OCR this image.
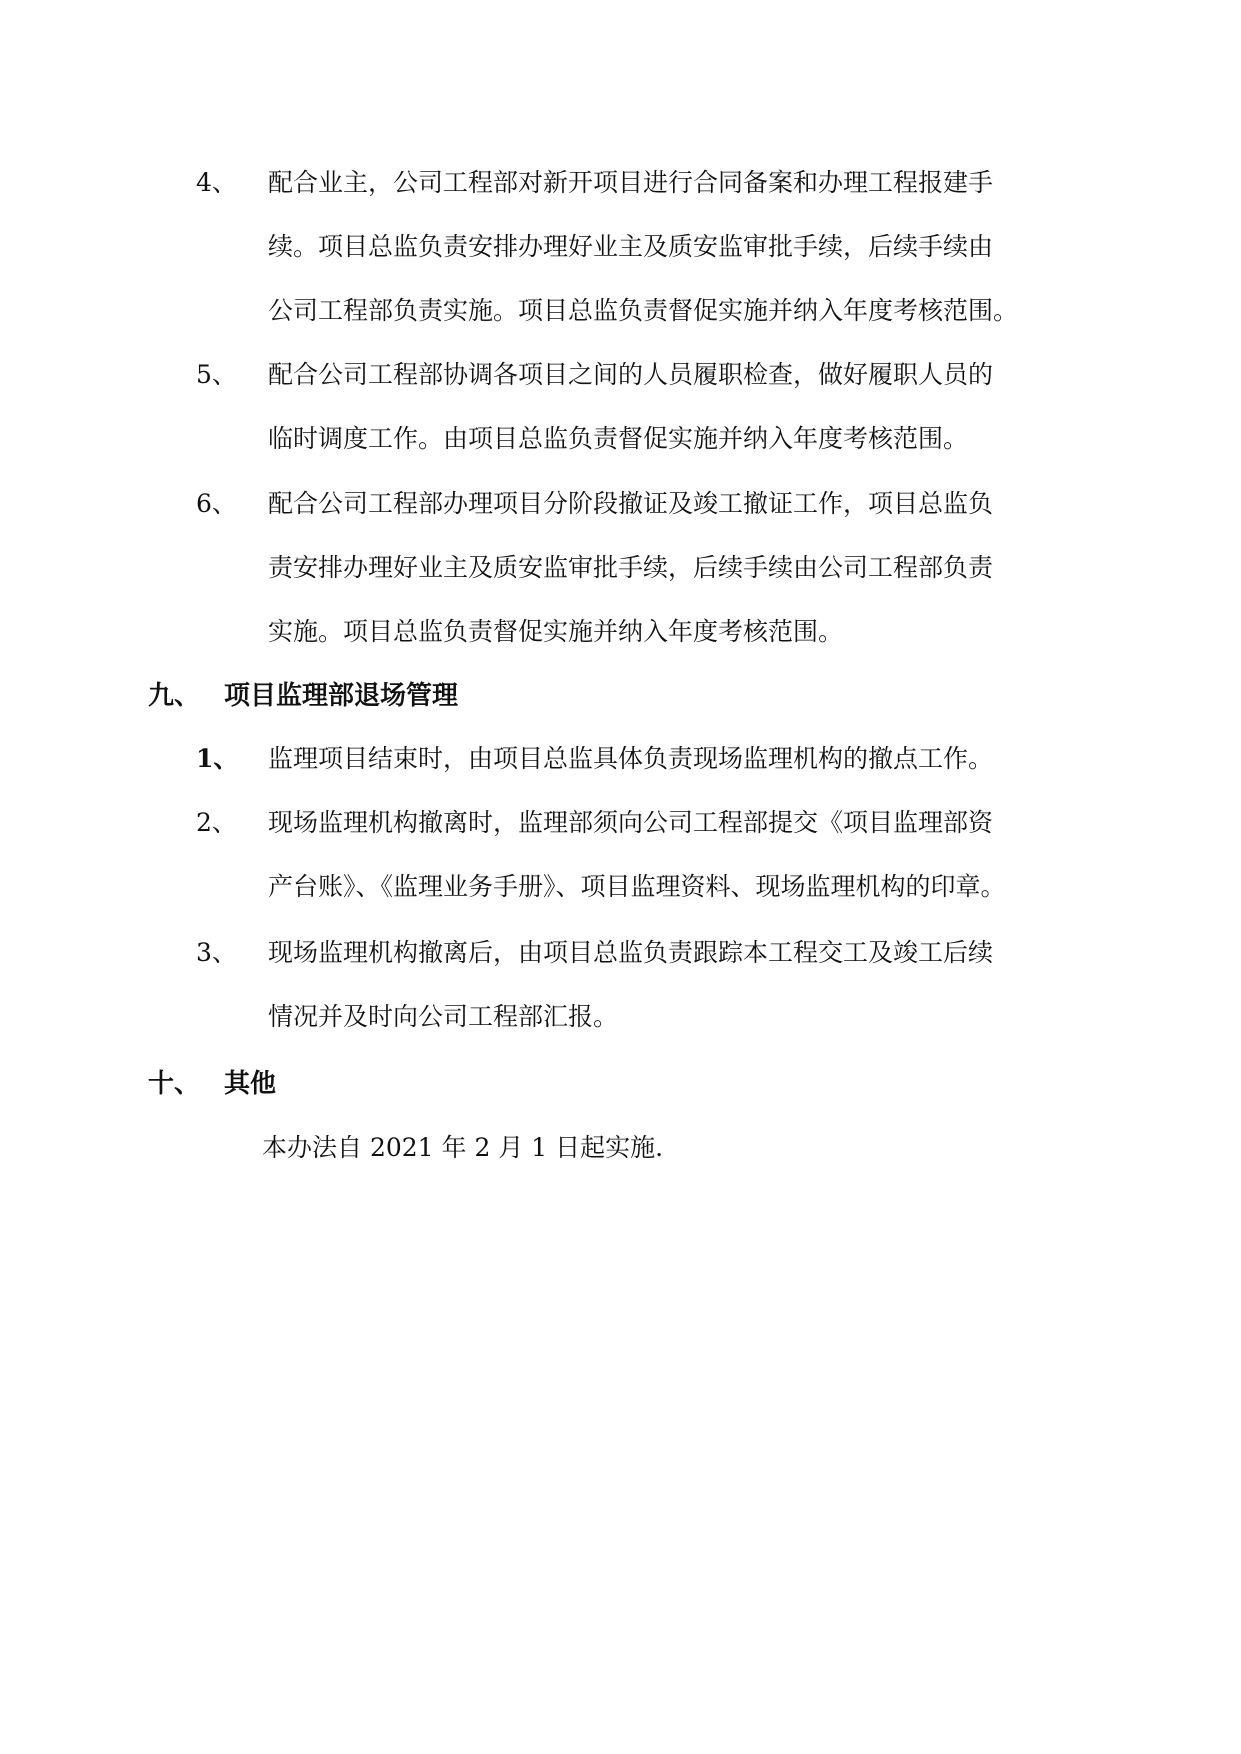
4、 配合业主，公司工程部对新开项目进行合同备案和办理工程报建手
续。项目总监负责安排办理好业主及质安监审批手续，后续手续由
公司工程部负责实施。项目总监负责督促实施并纳入年度考核范围。
5、 配合公司工程部协调各项目之间的人员履职检查，做好履职人员的
临时调度工作。由项目总监负责督促实施并纳入年度考核范围。
6、 配合公司工程部办理项目分阶段撤证及竣工撤证工作，项目总监负
责安排办理好业主及质安监审批手续，后续手续由公司工程部负责
实施。项目总监负责督促实施并纳入年度考核范围。
九、 项目监理部退场管理
1、 监理项目结束时，由项目总监具体负责现场监理机构的撤点工作。
2、 现场监理机构撤离时，监理部须向公司工程部提交《项目监理部资
产台账》、《监理业务手册》、项目监理资料、现场监理机构的印章。
3、 现场监理机构撤离后，由项目总监负责跟踪本工程交工及竣工后续
情况并及时向公司工程部汇报。
十、 其他
本办法自 2021 年 2 月 1 日起实施.
